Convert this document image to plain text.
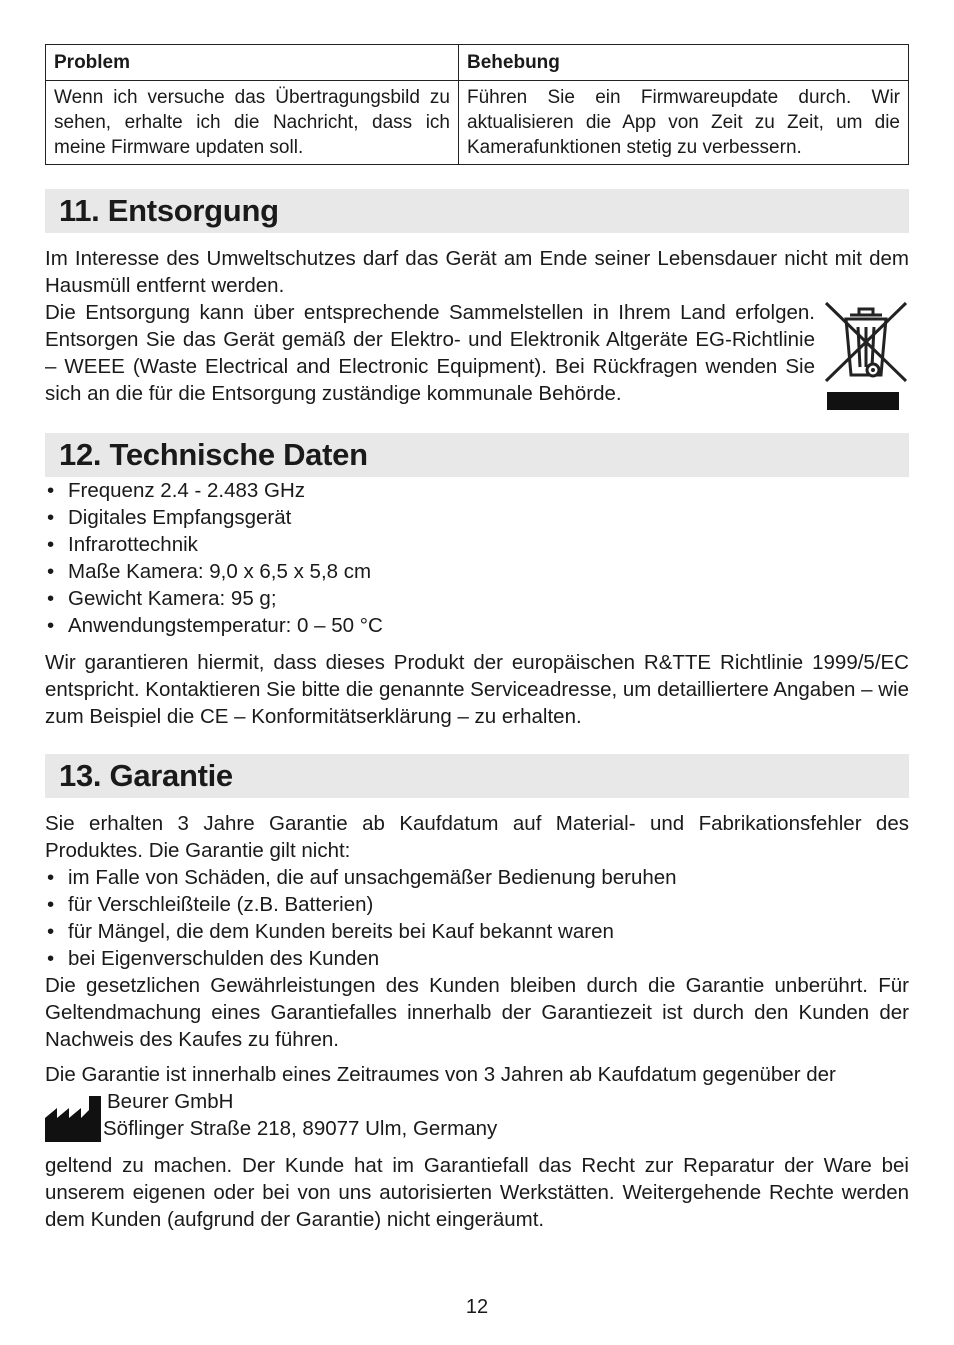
Problem	Behebung
Wenn ich versuche das Übertragungsbild zu sehen, erhalte ich die Nachricht, dass ich meine Firmware updaten soll.	Führen Sie ein Firmwareupdate durch. Wir aktualisieren die App von Zeit zu Zeit, um die Kamerafunktionen stetig zu verbessern.
11. Entsorgung

Im Interesse des Umweltschutzes darf das Gerät am Ende seiner Lebensdauer nicht mit dem Hausmüll entfernt werden.

Die Entsorgung kann über entsprechende Sammelstellen in Ihrem Land erfolgen. Entsorgen Sie das Gerät gemäß der Elektro- und Elektronik Altgeräte EG-Richtlinie – WEEE (Waste Electrical and Electronic Equipment). Bei Rückfragen wenden Sie sich an die für die Entsorgung zuständige kommunale Behörde.

12. Technische Daten
• Frequenz 2.4 - 2.483 GHz
• Digitales Empfangsgerät
• Infrarottechnik
• Maße Kamera: 9,0 x 6,5 x 5,8 cm
• Gewicht Kamera: 95 g;
• Anwendungstemperatur: 0 – 50 °C

Wir garantieren hiermit, dass dieses Produkt der europäischen R&TTE Richtlinie 1999/5/EC entspricht. Kontaktieren Sie bitte die genannte Serviceadresse, um detailliertere Angaben – wie zum Beispiel die CE – Konformitätserklärung – zu erhalten.

13. Garantie

Sie erhalten 3 Jahre Garantie ab Kaufdatum auf Material- und Fabrikationsfehler des Produktes. Die Garantie gilt nicht:

• im Falle von Schäden, die auf unsachgemäßer Bedienung beruhen
• für Verschleißteile (z.B. Batterien)
• für Mängel, die dem Kunden bereits bei Kauf bekannt waren
• bei Eigenverschulden des Kunden

Die gesetzlichen Gewährleistungen des Kunden bleiben durch die Garantie unberührt. Für Geltendmachung eines Garantiefalles innerhalb der Garantiezeit ist durch den Kunden der Nachweis des Kaufes zu führen.

Die Garantie ist innerhalb eines Zeitraumes von 3 Jahren ab Kaufdatum gegenüber der

Beurer GmbH
Söflinger Straße 218, 89077 Ulm, Germany

geltend zu machen. Der Kunde hat im Garantiefall das Recht zur Reparatur der Ware bei unserem eigenen oder bei von uns autorisierten Werkstätten. Weitergehende Rechte werden dem Kunden (aufgrund der Garantie) nicht eingeräumt.

12
